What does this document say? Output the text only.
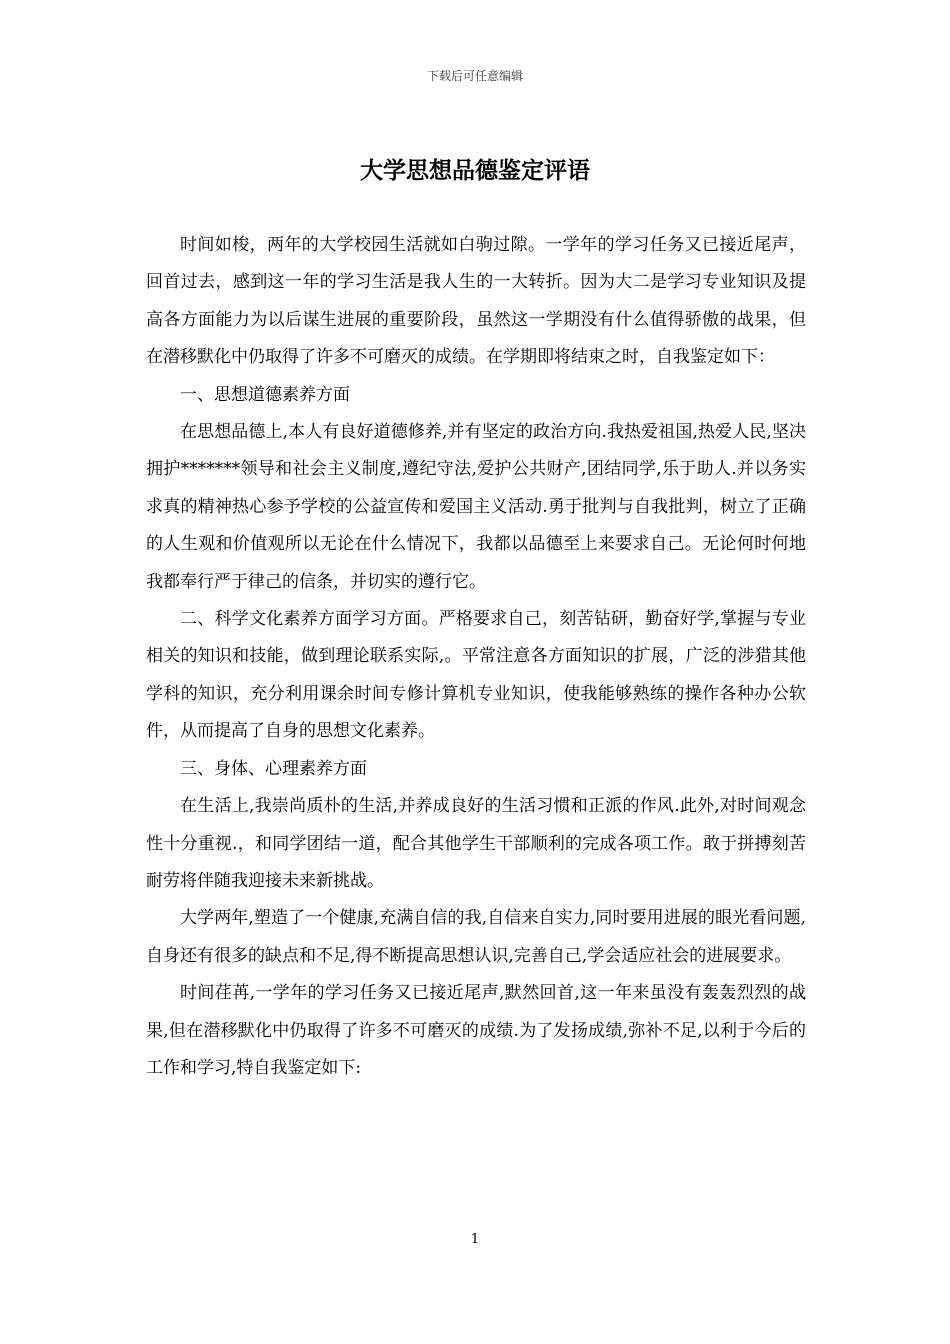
下载后可任意编辑
大学思想品德鉴定评语

时间如梭，两年的大学校园生活就如白驹过隙。一学年的学习任务又已接近尾声，回首过去，感到这一年的学习生活是我人生的一大转折。因为大二是学习专业知识及提高各方面能力为以后谋生进展的重要阶段，虽然这一学期没有什么值得骄傲的战果，但在潜移默化中仍取得了许多不可磨灭的成绩。在学期即将结束之时，自我鉴定如下：

一、思想道德素养方面

在思想品德上,本人有良好道德修养,并有坚定的政治方向.我热爱祖国,热爱人民,坚决拥护*******领导和社会主义制度,遵纪守法,爱护公共财产,团结同学,乐于助人.并以务实求真的精神热心参予学校的公益宣传和爱国主义活动.勇于批判与自我批判，树立了正确的人生观和价值观所以无论在什么情况下，我都以品德至上来要求自己。无论何时何地我都奉行严于律己的信条，并切实的遵行它。

二、科学文化素养方面学习方面。严格要求自己，刻苦钻研，勤奋好学,掌握与专业相关的知识和技能，做到理论联系实际,。平常注意各方面知识的扩展，广泛的涉猎其他学科的知识，充分利用课余时间专修计算机专业知识，使我能够熟练的操作各种办公软件，从而提高了自身的思想文化素养。

三、身体、心理素养方面

在生活上,我崇尚质朴的生活,并养成良好的生活习惯和正派的作风.此外,对时间观念性十分重视.，和同学团结一道，配合其他学生干部顺利的完成各项工作。敢于拼搏刻苦耐劳将伴随我迎接未来新挑战。

大学两年,塑造了一个健康,充满自信的我,自信来自实力,同时要用进展的眼光看问题,自身还有很多的缺点和不足,得不断提高思想认识,完善自己,学会适应社会的进展要求。

时间荏苒,一学年的学习任务又已接近尾声,默然回首,这一年来虽没有轰轰烈烈的战果,但在潜移默化中仍取得了许多不可磨灭的成绩.为了发扬成绩,弥补不足,以利于今后的工作和学习,特自我鉴定如下:

1
